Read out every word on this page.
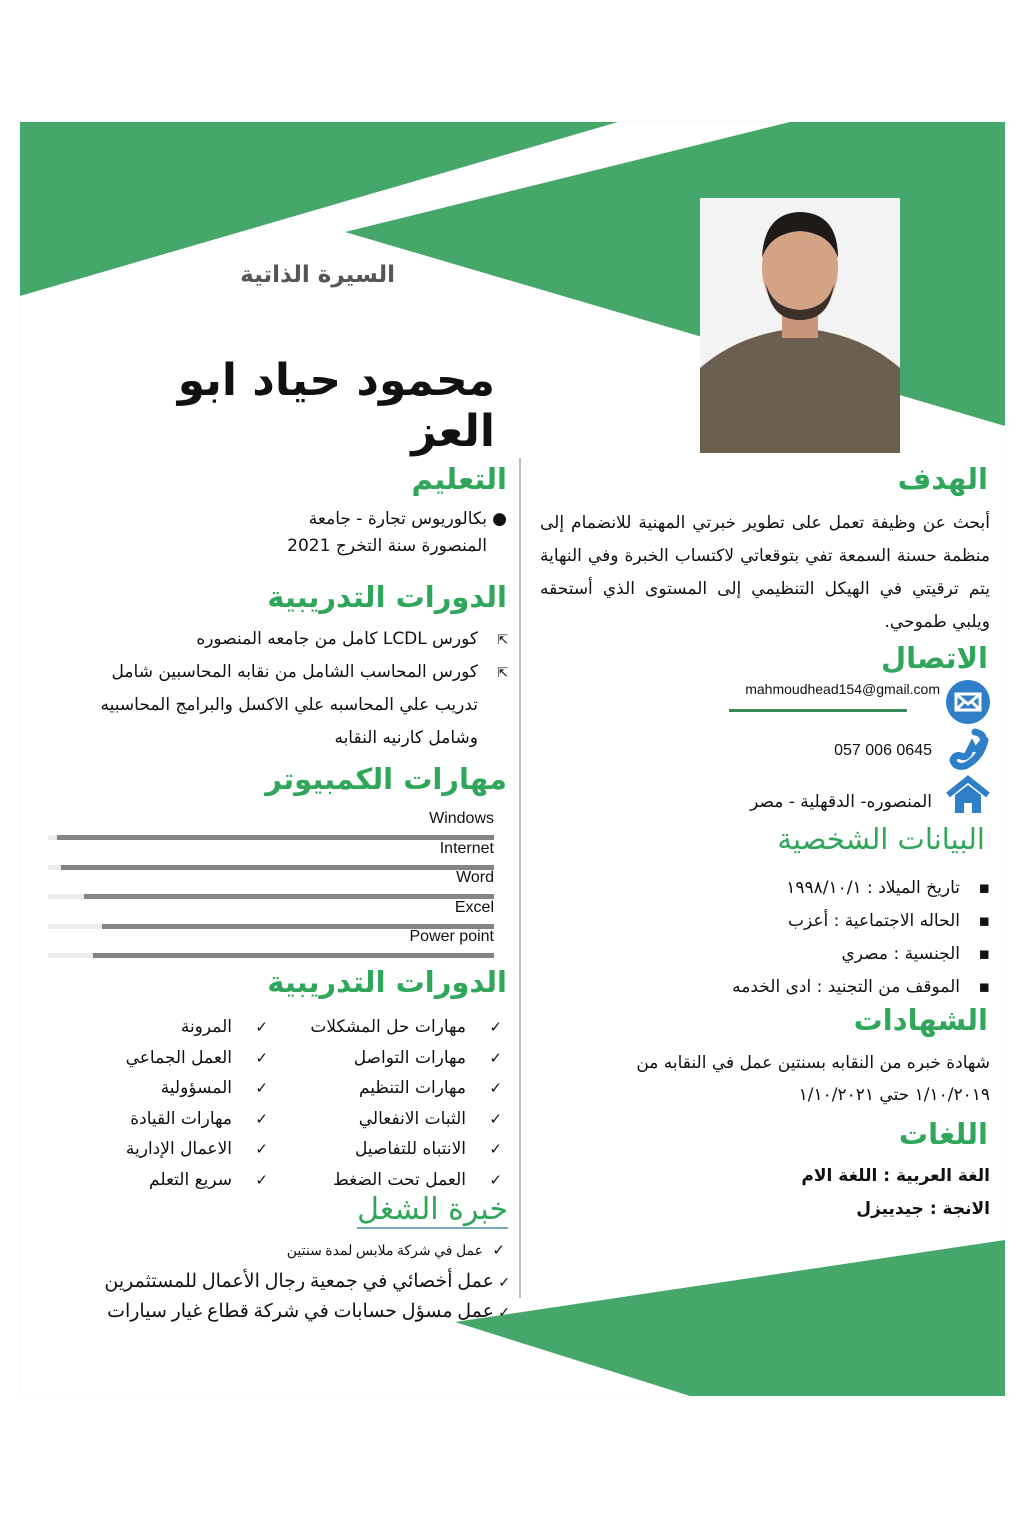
السيرة الذاتية
محمود حياد ابو العز
الهدف
أبحث عن وظيفة تعمل على تطوير خبرتي المهنية للانضمام إلى منظمة حسنة السمعة تفي بتوقعاتي لاكتساب الخبرة وفي النهاية يتم ترقيتي في الهيكل التنظيمي إلى المستوى الذي أستحقه ويلبي طموحي.
الاتصال
mahmoudhead154@gmail.com
057 006 0645
المنصوره- الدقهلية - مصر
البيانات الشخصية
▪تاريخ الميلاد : ١٩٩٨/١٠/١
▪الحاله الاجتماعية : أعزب
▪الجنسية : مصري
▪الموقف من التجنيد : ادى الخدمه
الشهادات
شهادة خبره من النقابه بسنتين عمل في النقابه من
١/١٠/٢٠١٩ حتي ١/١٠/٢٠٢١
اللغات
الغة العربية : اللغة الام
الانجة : جيدييزل
التعليم
●بكالوريوس تجارة - جامعة
المنصورة سنة التخرج 2021
الدورات التدريبية
⇱كورس LCDL كامل من جامعه المنصوره
⇱كورس المحاسب الشامل من نقابه المحاسبين شامل
تدريب علي المحاسبه علي الاكسل والبرامج المحاسبيه
وشامل كارنيه النقابه
مهارات الكمبيوتر
Windows
Internet
Word
Excel
Power point
الدورات التدريبية
✓مهارات حل المشكلات
✓مهارات التواصل
✓مهارات التنظيم
✓الثبات الانفعالي
✓الانتباه للتفاصيل
✓العمل تحت الضغط
✓المرونة
✓العمل الجماعي
✓المسؤولية
✓مهارات القيادة
✓الاعمال الإدارية
✓سريع التعلم
خبرة الشغل
✓عمل في شركة ملابس لمدة سنتين
✓عمل أخصائي في جمعية رجال الأعمال للمستثمرين
✓عمل مسؤل حسابات في شركة قطاع غيار سيارات
